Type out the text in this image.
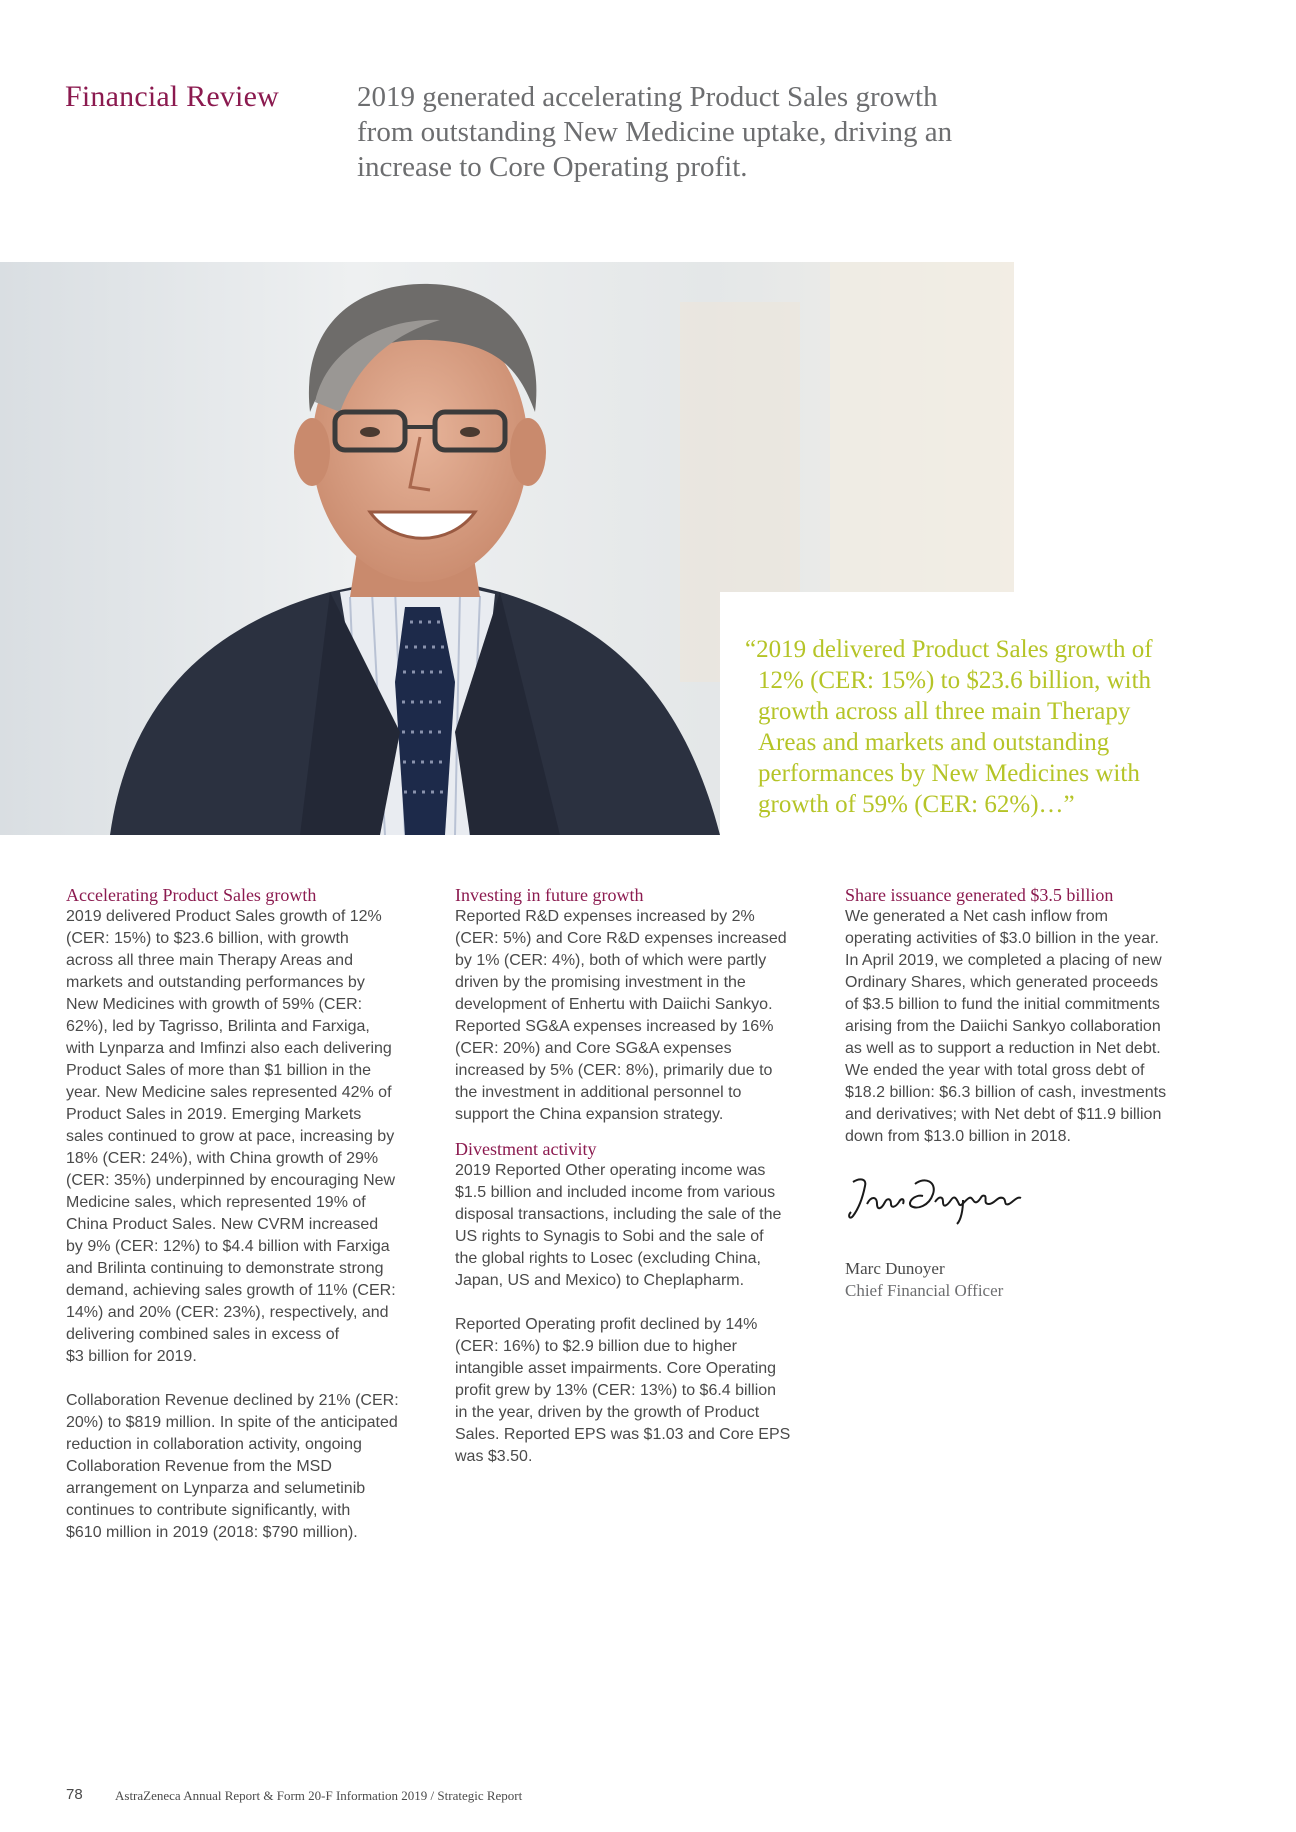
Financial Review	2019 generated accelerating Product Sales growth
from outstanding New Medicine uptake, driving an
increase to Core Operating profit.
“2019 delivered Product Sales growth of
12% (CER: 15%) to $23.6 billion, with
growth across all three main Therapy
Areas and markets and outstanding
performances by New Medicines with
growth of 59% (CER: 62%)…”
Accelerating Product Sales growth
2019 delivered Product Sales growth of 12%
(CER: 15%) to $23.6 billion, with growth
across all three main Therapy Areas and
markets and outstanding performances by
New Medicines with growth of 59% (CER:
62%), led by Tagrisso, Brilinta and Farxiga,
with Lynparza and Imfinzi also each delivering
Product Sales of more than $1 billion in the
year. New Medicine sales represented 42% of
Product Sales in 2019. Emerging Markets
sales continued to grow at pace, increasing by
18% (CER: 24%), with China growth of 29%
(CER: 35%) underpinned by encouraging New
Medicine sales, which represented 19% of
China Product Sales. New CVRM increased
by 9% (CER: 12%) to $4.4 billion with Farxiga
and Brilinta continuing to demonstrate strong
demand, achieving sales growth of 11% (CER:
14%) and 20% (CER: 23%), respectively, and
delivering combined sales in excess of
$3 billion for 2019.
Collaboration Revenue declined by 21% (CER:
20%) to $819 million. In spite of the anticipated
reduction in collaboration activity, ongoing
Collaboration Revenue from the MSD
arrangement on Lynparza and selumetinib
continues to contribute significantly, with
$610 million in 2019 (2018: $790 million).
Investing in future growth
Reported R&D expenses increased by 2%
(CER: 5%) and Core R&D expenses increased
by 1% (CER: 4%), both of which were partly
driven by the promising investment in the
development of Enhertu with Daiichi Sankyo.
Reported SG&A expenses increased by 16%
(CER: 20%) and Core SG&A expenses
increased by 5% (CER: 8%), primarily due to
the investment in additional personnel to
support the China expansion strategy.
Divestment activity
2019 Reported Other operating income was
$1.5 billion and included income from various
disposal transactions, including the sale of the
US rights to Synagis to Sobi and the sale of
the global rights to Losec (excluding China,
Japan, US and Mexico) to Cheplapharm.
Reported Operating profit declined by 14%
(CER: 16%) to $2.9 billion due to higher
intangible asset impairments. Core Operating
profit grew by 13% (CER: 13%) to $6.4 billion
in the year, driven by the growth of Product
Sales. Reported EPS was $1.03 and Core EPS
was $3.50.
Share issuance generated $3.5 billion
We generated a Net cash inflow from
operating activities of $3.0 billion in the year.
In April 2019, we completed a placing of new
Ordinary Shares, which generated proceeds
of $3.5 billion to fund the initial commitments
arising from the Daiichi Sankyo collaboration
as well as to support a reduction in Net debt.
We ended the year with total gross debt of
$18.2 billion: $6.3 billion of cash, investments
and derivatives; with Net debt of $11.9 billion
down from $13.0 billion in 2018.
Marc Dunoyer
Chief Financial Officer
78 AstraZeneca Annual Report & Form 20-F Information 2019 / Strategic Report
